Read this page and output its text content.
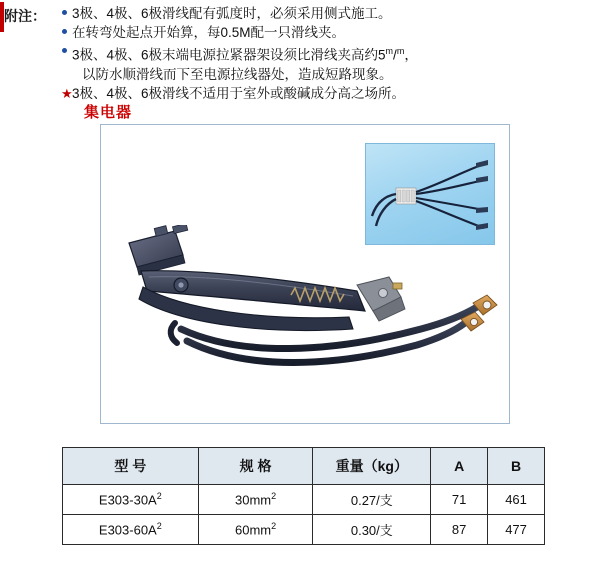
附注：	3极、4极、6极滑线配有弧度时，必须采用侧式施工。
在转弯处起点开始算，每0.5M配一只滑线夹。
3极、4极、6极末端电源拉紧器架设须比滑线夹高约5$^m$/$^m$，
以防水顺滑线而下至电源拉线器处，造成短路现象。
★ 3极、4极、6极滑线不适用于室外或酸碱成分高之场所。
集电器
型 号	规 格	重量（kg）	A	B
$E303-30A^2$	$30mm^2$	0.27/支	71	461
$E303-60A^2$	$60mm^2$	0.30/支	87	477
